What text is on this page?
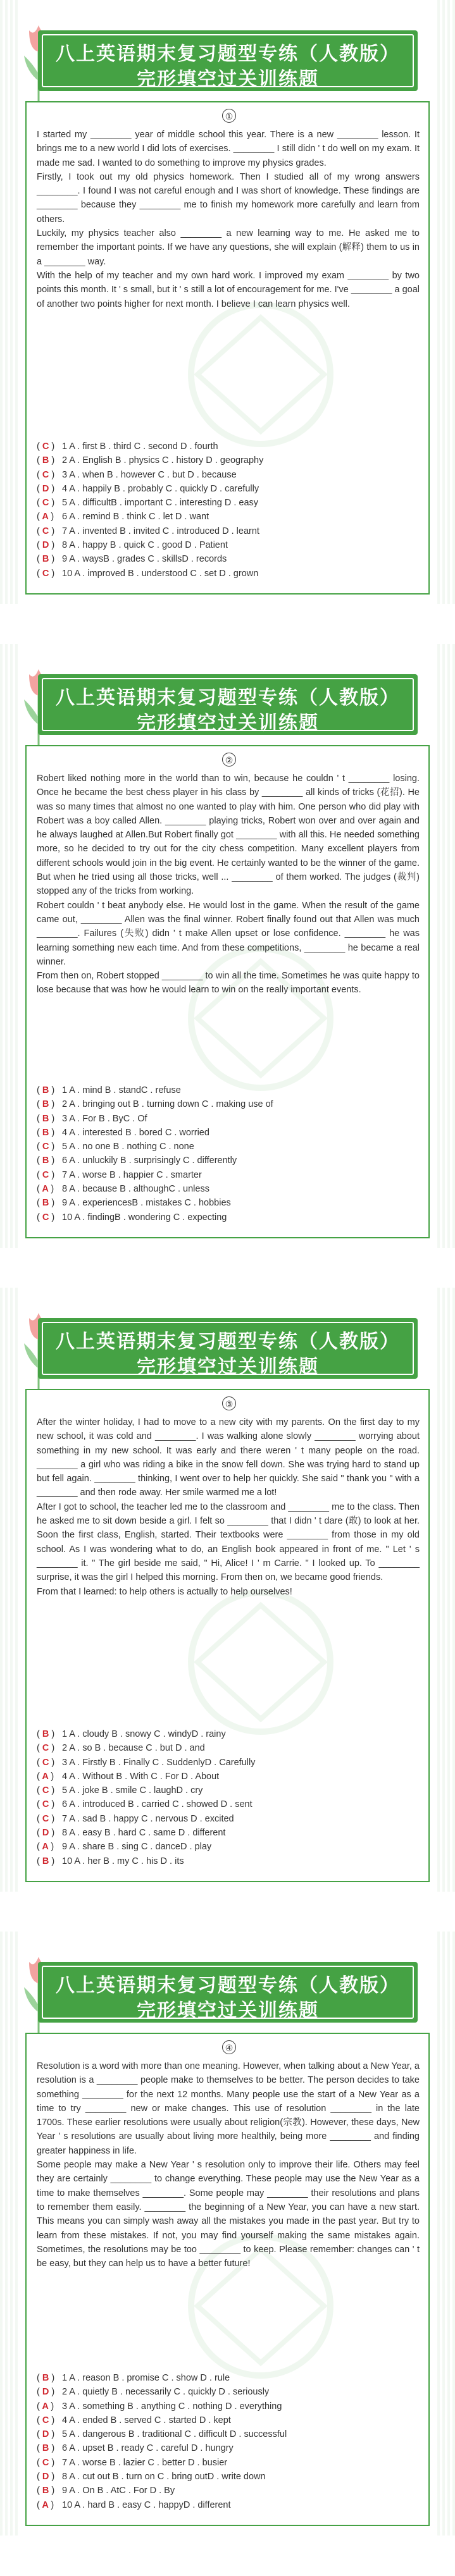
八上英语期末复习题型专练（人教版）
完形填空过关训练题
①

I started my ________ year of middle school this year. There is a new ________ lesson. It brings me to a new world I did lots of exercises. ________ I still didn ' t do well on my exam. It made me sad. I wanted to do something to improve my physics grades.

Firstly, I took out my old physics homework. Then I studied all of my wrong answers ________. I found I was not careful enough and I was short of knowledge. These findings are ________ because they ________ me to finish my homework more carefully and learn from others.

Luckily, my physics teacher also ________ a new learning way to me. He asked me to remember the important points. If we have any questions, she will explain (解释) them to us in a ________ way.

With the help of my teacher and my own hard work. I improved my exam ________ by two points this month. It ' s small, but it ' s still a lot of encouragement for me. I've ________ a goal of another two points higher for next month. I believe I can learn physics well.

( C ) 1 A . first B . third C . second D . fourth
( B ) 2 A . English B . physics C . history D . geography
( C ) 3 A . when B . however C . but D . because
( D ) 4 A . happily B . probably C . quickly D . carefully
( C ) 5 A . difficultB . important C . interesting D . easy
( A ) 6 A . remind B . think C . let D . want
( C ) 7 A . invented B . invited C . introduced D . learnt
( D ) 8 A . happy B . quick C . good D . Patient
( B ) 9 A . waysB . grades C . skillsD . records
( C ) 10 A . improved B . understood C . set D . grown
八上英语期末复习题型专练（人教版）
完形填空过关训练题
②

Robert liked nothing more in the world than to win, because he couldn ' t ________ losing. Once he became the best chess player in his class by ________ all kinds of tricks (花招). He was so many times that almost no one wanted to play with him. One person who did play with Robert was a boy called Allen. ________ playing tricks, Robert won over and over again and he always laughed at Allen.But Robert finally got ________ with all this. He needed something more, so he decided to try out for the city chess competition. Many excellent players from different schools would join in the big event. He certainly wanted to be the winner of the game. But when he tried using all those tricks, well ... ________ of them worked. The judges (裁判) stopped any of the tricks from working.

Robert couldn ' t beat anybody else. He would lost in the game. When the result of the game came out, ________ Allen was the final winner. Robert finally found out that Allen was much ________. Failures (失败) didn ' t make Allen upset or lose confidence. ________ he was learning something new each time. And from these competitions, ________ he became a real winner.

From then on, Robert stopped ________ to win all the time. Sometimes he was quite happy to lose because that was how he would learn to win on the really important events.

( B ) 1 A . mind B . standC . refuse
( B ) 2 A . bringing out B . turning down C . making use of
( B ) 3 A . For B . ByC . Of
( B ) 4 A . interested B . bored C . worried
( C ) 5 A . no one B . nothing C . none
( B ) 6 A . unluckily B . surprisingly C . differently
( C ) 7 A . worse B . happier C . smarter
( A ) 8 A . because B . althoughC . unless
( B ) 9 A . experiencesB . mistakes C . hobbies
( C ) 10 A . findingB . wondering C . expecting
八上英语期末复习题型专练（人教版）
完形填空过关训练题
③

After the winter holiday, I had to move to a new city with my parents. On the first day to my new school, it was cold and ________. I was walking alone slowly ________ worrying about something in my new school. It was early and there weren ' t many people on the road. ________ a girl who was riding a bike in the snow fell down. She was trying hard to stand up but fell again. ________ thinking, I went over to help her quickly. She said " thank you " with a ________ and then rode away. Her smile warmed me a lot!

After I got to school, the teacher led me to the classroom and ________ me to the class. Then he asked me to sit down beside a girl. I felt so ________ that I didn ' t dare (敢) to look at her. Soon the first class, English, started. Their textbooks were ________ from those in my old school. As I was wondering what to do, an English book appeared in front of me. " Let ' s ________ it. " The girl beside me said, " Hi, Alice! I ' m Carrie. " I looked up. To ________ surprise, it was the girl I helped this morning. From then on, we became good friends.

From that I learned: to help others is actually to help ourselves!

( B ) 1 A . cloudy B . snowy C . windyD . rainy
( C ) 2 A . so B . because C . but D . and
( C ) 3 A . Firstly B . Finally C . SuddenlyD . Carefully
( A ) 4 A . Without B . With C . For D . About
( C ) 5 A . joke B . smile C . laughD . cry
( C ) 6 A . introduced B . carried C . showed D . sent
( C ) 7 A . sad B . happy C . nervous D . excited
( D ) 8 A . easy B . hard C . same D . different
( A ) 9 A . share B . sing C . danceD . play
( B ) 10 A . her B . my C . his D . its
八上英语期末复习题型专练（人教版）
完形填空过关训练题
④

Resolution is a word with more than one meaning. However, when talking about a New Year, a resolution is a ________ people make to themselves to be better. The person decides to take something ________ for the next 12 months. Many people use the start of a New Year as a time to try ________ new or make changes. This use of resolution ________ in the late 1700s. These earlier resolutions were usually about religion(宗教). However, these days, New Year ' s resolutions are usually about living more healthily, being more ________ and finding greater happiness in life.

Some people may make a New Year ' s resolution only to improve their life. Others may feel they are certainly ________ to change everything. These people may use the New Year as a time to make themselves ________. Some people may ________ their resolutions and plans to remember them easily. ________ the beginning of a New Year, you can have a new start. This means you can simply wash away all the mistakes you made in the past year. But try to learn from these mistakes. If not, you may find yourself making the same mistakes again. Sometimes, the resolutions may be too ________ to keep. Please remember: changes can ' t be easy, but they can help us to have a better future!

( B ) 1 A . reason B . promise C . show D . rule
( D ) 2 A . quietly B . necessarily C . quickly D . seriously
( A ) 3 A . something B . anything C . nothing D . everything
( C ) 4 A . ended B . served C . started D . kept
( D ) 5 A . dangerous B . traditional C . difficult D . successful
( B ) 6 A . upset B . ready C . careful D . hungry
( C ) 7 A . worse B . lazier C . better D . busier
( D ) 8 A . cut out B . turn on C . bring outD . write down
( B ) 9 A . On B . AtC . For D . By
( A ) 10 A . hard B . easy C . happyD . different
